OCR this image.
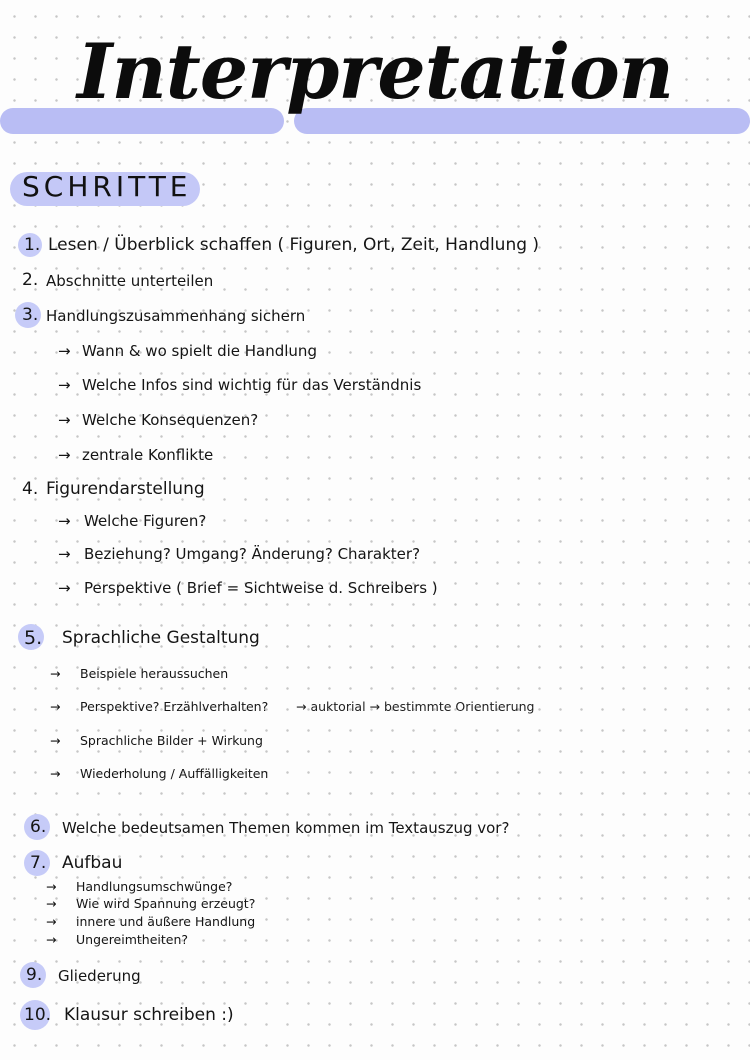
Interpretation
SCHRITTE
1. Lesen / Überblick schaffen ( Figuren, Ort, Zeit, Handlung )
2. Abschnitte unterteilen
3. Handlungszusammenhang sichern
→ Wann & wo spielt die Handlung
→ Welche Infos sind wichtig für das Verständnis
→ Welche Konsequenzen?
→ zentrale Konflikte
4. Figurendarstellung
→ Welche Figuren?
→ Beziehung? Umgang? Änderung? Charakter?
→ Perspektive ( Brief = Sichtweise d. Schreibers )
5. Sprachliche Gestaltung
→ Beispiele heraussuchen
→ Perspektive? Erzählverhalten? → auktorial → bestimmte Orientierung
→ Sprachliche Bilder + Wirkung
→ Wiederholung / Auffälligkeiten
6. Welche bedeutsamen Themen kommen im Textauszug vor?
7. Aufbau
→ Handlungsumschwünge?
→ Wie wird Spannung erzeugt?
→ innere und äußere Handlung
→ Ungereimtheiten?
9. Gliederung
10. Klausur schreiben :)
